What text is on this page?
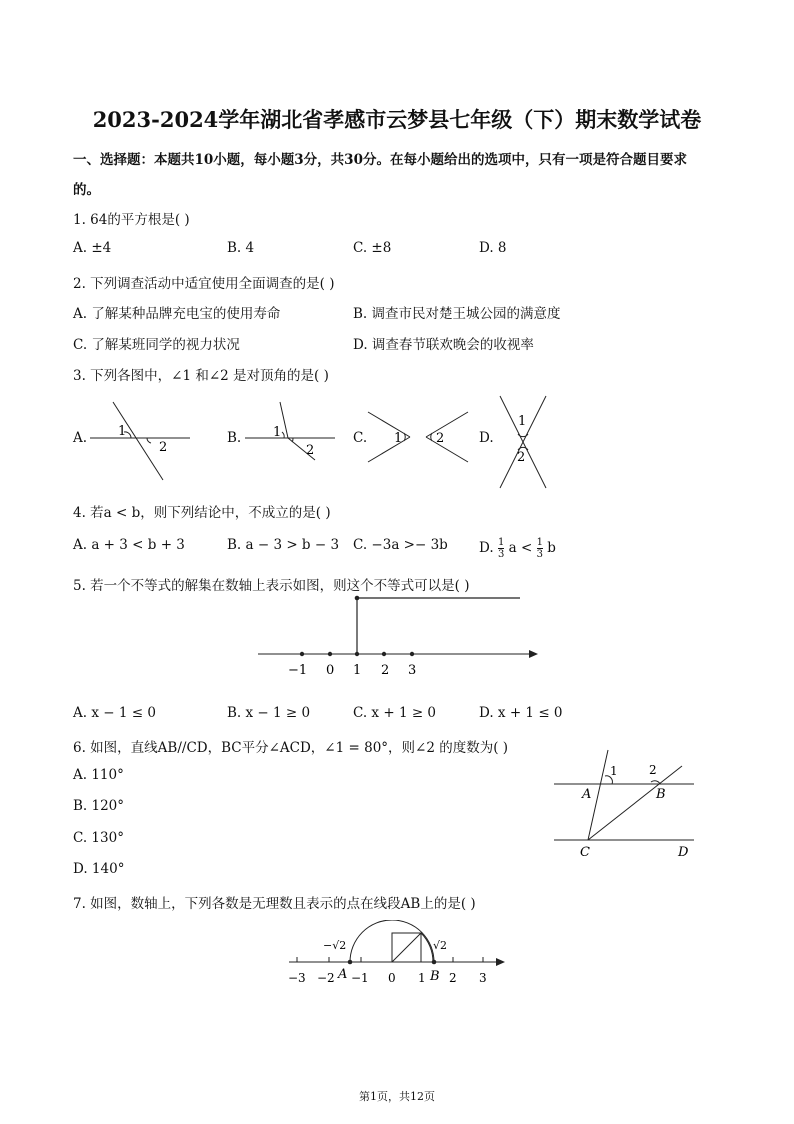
2023-2024学年湖北省孝感市云梦县七年级（下）期末数学试卷
一、选择题：本题共10小题，每小题3分，共30分。在每小题给出的选项中，只有一项是符合题目要求
的。
1. 64的平方根是( )
A. ±4	B. 4	C. ±8	D. 8
2. 下列调查活动中适宜使用全面调查的是( )
A. 了解某种品牌充电宝的使用寿命	B. 调查市民对楚王城公园的满意度
C. 了解某班同学的视力状况	D. 调查春节联欢晚会的收视率
3. 下列各图中，∠1 和∠2 是对顶角的是( )
A.	B.	C.	D.
1
2
1
2
1	2
1
2
4. 若a < b，则下列结论中，不成立的是( )
A. a + 3 < b + 3	B. a − 3 > b − 3 C. −3a >− 3b D. $\frac{1}{3}$ $a < \frac{1}{3}$ b
5. 若一个不等式的解集在数轴上表示如图，则这个不等式可以是( )
−1 0 1 2 3
A. x − 1 ≤ 0	B. x − 1 ≥ 0	C. x + 1 ≥ 0	D. x + 1 ≤ 0
6. 如图，直线AB//CD，BC平分∠ACD，∠1 = 80°，则∠2 的度数为( )
A. 110°
B. 120°
C. 130°
D. 140°
1	2
A	B
C	D
7. 如图，数轴上，下列各数是无理数且表示的点在线段AB上的是( )
−√2	√2
−3 −2 A −1 0 1 B 2 3
第1页，共12页
